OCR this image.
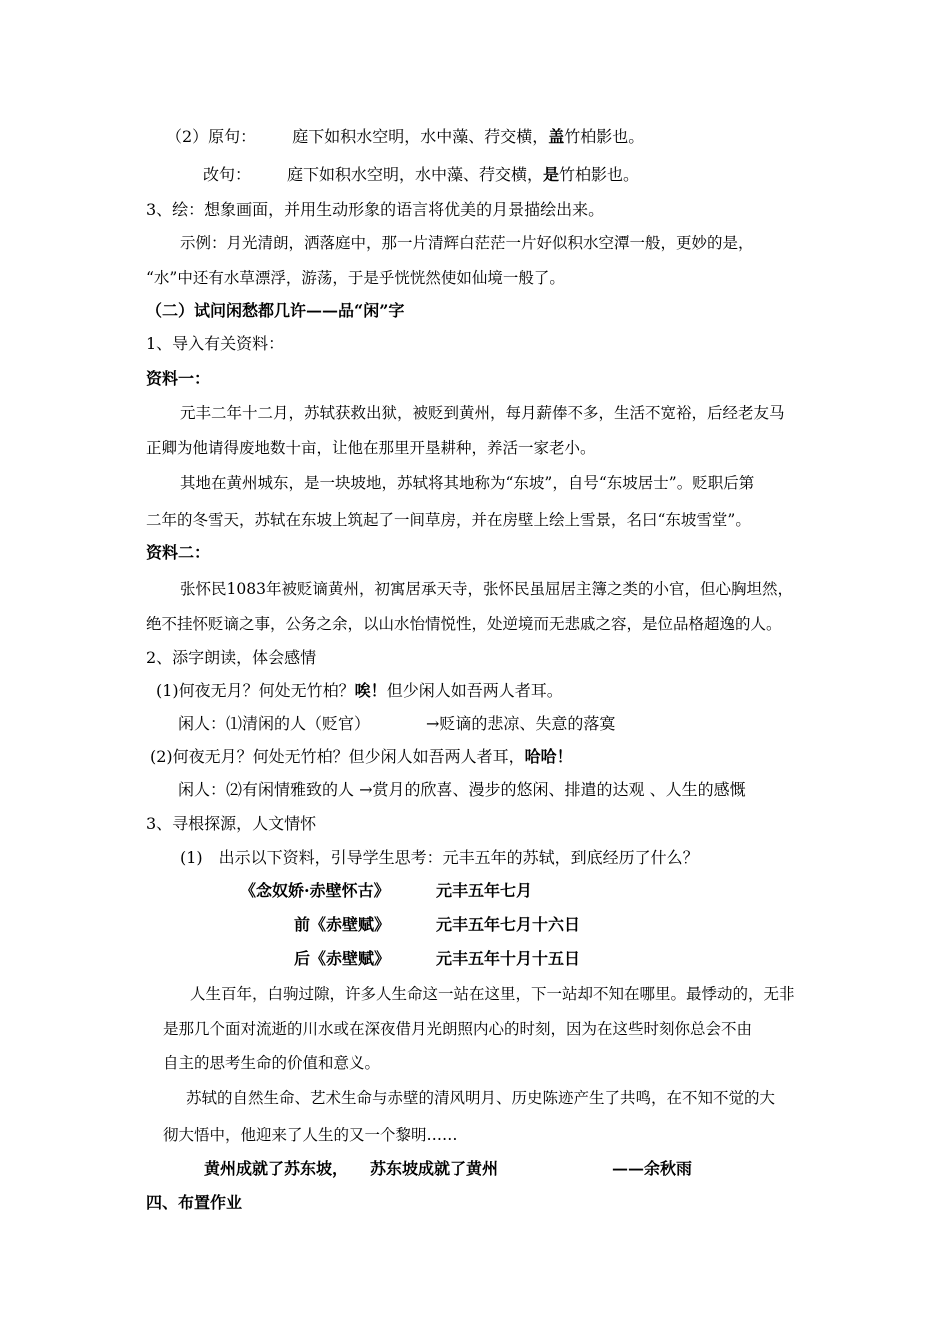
（2）原句： 庭下如积水空明，水中藻、荇交横，盖竹柏影也。
改句： 庭下如积水空明，水中藻、荇交横，是竹柏影也。
3、绘：想象画面，并用生动形象的语言将优美的月景描绘出来。
示例：月光清朗，洒落庭中，那一片清辉白茫茫一片好似积水空潭一般，更妙的是，
“水”中还有水草漂浮，游荡，于是乎恍恍然使如仙境一般了。
（二）试问闲愁都几许——品“闲”字
1、导入有关资料：
资料一：
元丰二年十二月，苏轼获救出狱，被贬到黄州，每月薪俸不多，生活不宽裕，后经老友马
正卿为他请得废地数十亩，让他在那里开垦耕种，养活一家老小。
其地在黄州城东，是一块坡地，苏轼将其地称为“东坡”，自号“东坡居士”。贬职后第
二年的冬雪天，苏轼在东坡上筑起了一间草房，并在房壁上绘上雪景，名曰“东坡雪堂”。
资料二：
张怀民1083年被贬谪黄州，初寓居承天寺，张怀民虽屈居主簿之类的小官，但心胸坦然，
绝不挂怀贬谪之事，公务之余，以山水怡情悦性，处逆境而无悲戚之容，是位品格超逸的人。
2、添字朗读，体会感情
(1)何夜无月？何处无竹柏？唉！但少闲人如吾两人者耳。
闲人：⑴清闲的人（贬官）	→贬谪的悲凉、失意的落寞
(2)何夜无月？何处无竹柏？但少闲人如吾两人者耳，哈哈！
闲人：⑵有闲情雅致的人 →赏月的欣喜、漫步的悠闲、排遣的达观 、人生的感慨
3、寻根探源，人文情怀
(1)　出示以下资料，引导学生思考：元丰五年的苏轼，到底经历了什么？
《念奴娇·赤壁怀古》	元丰五年七月
前《赤壁赋》	元丰五年七月十六日
后《赤壁赋》	元丰五年十月十五日
人生百年，白驹过隙，许多人生命这一站在这里，下一站却不知在哪里。最悸动的，无非
是那几个面对流逝的川水或在深夜借月光朗照内心的时刻，因为在这些时刻你总会不由
自主的思考生命的价值和意义。
苏轼的自然生命、艺术生命与赤壁的清风明月、历史陈迹产生了共鸣，在不知不觉的大
彻大悟中，他迎来了人生的又一个黎明……
黄州成就了苏东坡， 苏东坡成就了黄州	——余秋雨
四、布置作业
